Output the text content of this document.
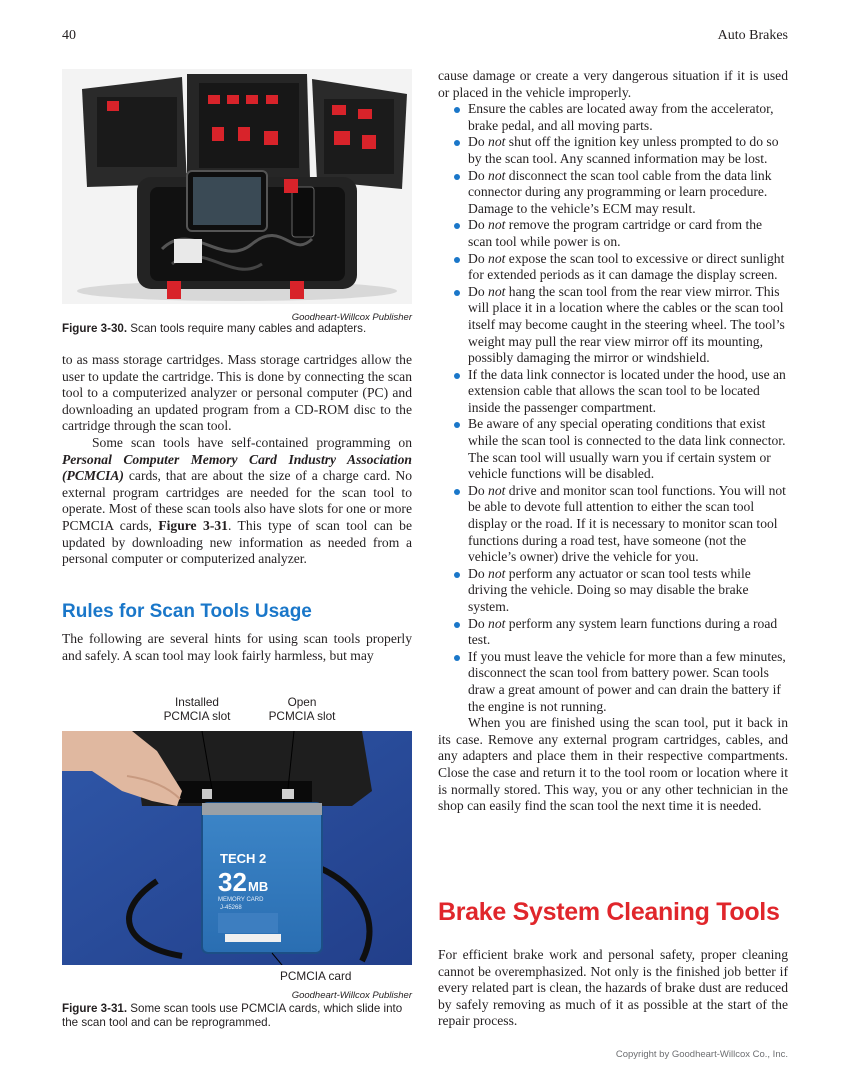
40	Auto Brakes
Goodheart-Willcox Publisher
Figure 3-30. Scan tools require many cables and adapters.

to as mass storage cartridges. Mass storage cartridges allow the user to update the cartridge. This is done by connecting the scan tool to a computerized analyzer or personal computer (PC) and downloading an updated program from a CD-ROM disc to the cartridge through the scan tool.

Some scan tools have self-contained programming on Personal Computer Memory Card Industry Association (PCMCIA) cards, that are about the size of a charge card. No external program cartridges are needed for the scan tool to operate. Most of these scan tools also have slots for one or more PCMCIA cards, Figure 3-31. This type of scan tool can be updated by downloading new information as needed from a personal computer or computerized analyzer.

Rules for Scan Tools Usage
The following are several hints for using scan tools properly and safely. A scan tool may look fairly harmless, but may
Installed
PCMCIA slot
Open
PCMCIA slot
TECH 2
32 MB
MEMORY CARD
J-45268
PCMCIA card
Goodheart-Willcox Publisher
Figure 3-31. Some scan tools use PCMCIA cards, which slide into the scan tool and can be reprogrammed.

cause damage or create a very dangerous situation if it is used or placed in the vehicle improperly.

Ensure the cables are located away from the accelerator, brake pedal, and all moving parts.
Do not shut off the ignition key unless prompted to do so by the scan tool. Any scanned information may be lost.
Do not disconnect the scan tool cable from the data link connector during any programming or learn procedure. Damage to the vehicle’s ECM may result.
Do not remove the program cartridge or card from the scan tool while power is on.
Do not expose the scan tool to excessive or direct sunlight for extended periods as it can damage the display screen.
Do not hang the scan tool from the rear view mirror. This will place it in a location where the cables or the scan tool itself may become caught in the steering wheel. The tool’s weight may pull the rear view mirror off its mounting, possibly damaging the mirror or windshield.
If the data link connector is located under the hood, use an extension cable that allows the scan tool to be located inside the passenger compartment.
Be aware of any special operating conditions that exist while the scan tool is connected to the data link connector. The scan tool will usually warn you if certain system or vehicle functions will be disabled.
Do not drive and monitor scan tool functions. You will not be able to devote full attention to either the scan tool display or the road. If it is necessary to monitor scan tool functions during a road test, have someone (not the vehicle’s owner) drive the vehicle for you.
Do not perform any actuator or scan tool tests while driving the vehicle. Doing so may disable the brake system.
Do not perform any system learn functions during a road test.
If you must leave the vehicle for more than a few minutes, disconnect the scan tool from battery power. Scan tools draw a great amount of power and can drain the battery if the engine is not running.

When you are finished using the scan tool, put it back in its case. Remove any external program cartridges, cables, and any adapters and place them in their respective compartments. Close the case and return it to the tool room or location where it is normally stored. This way, you or any other technician in the shop can easily find the scan tool the next time it is needed.

Brake System Cleaning Tools
For efficient brake work and personal safety, proper cleaning cannot be overemphasized. Not only is the finished job better if every related part is clean, the hazards of brake dust are reduced by safely removing as much of it as possible at the start of the repair process.
Copyright by Goodheart-Willcox Co., Inc.
